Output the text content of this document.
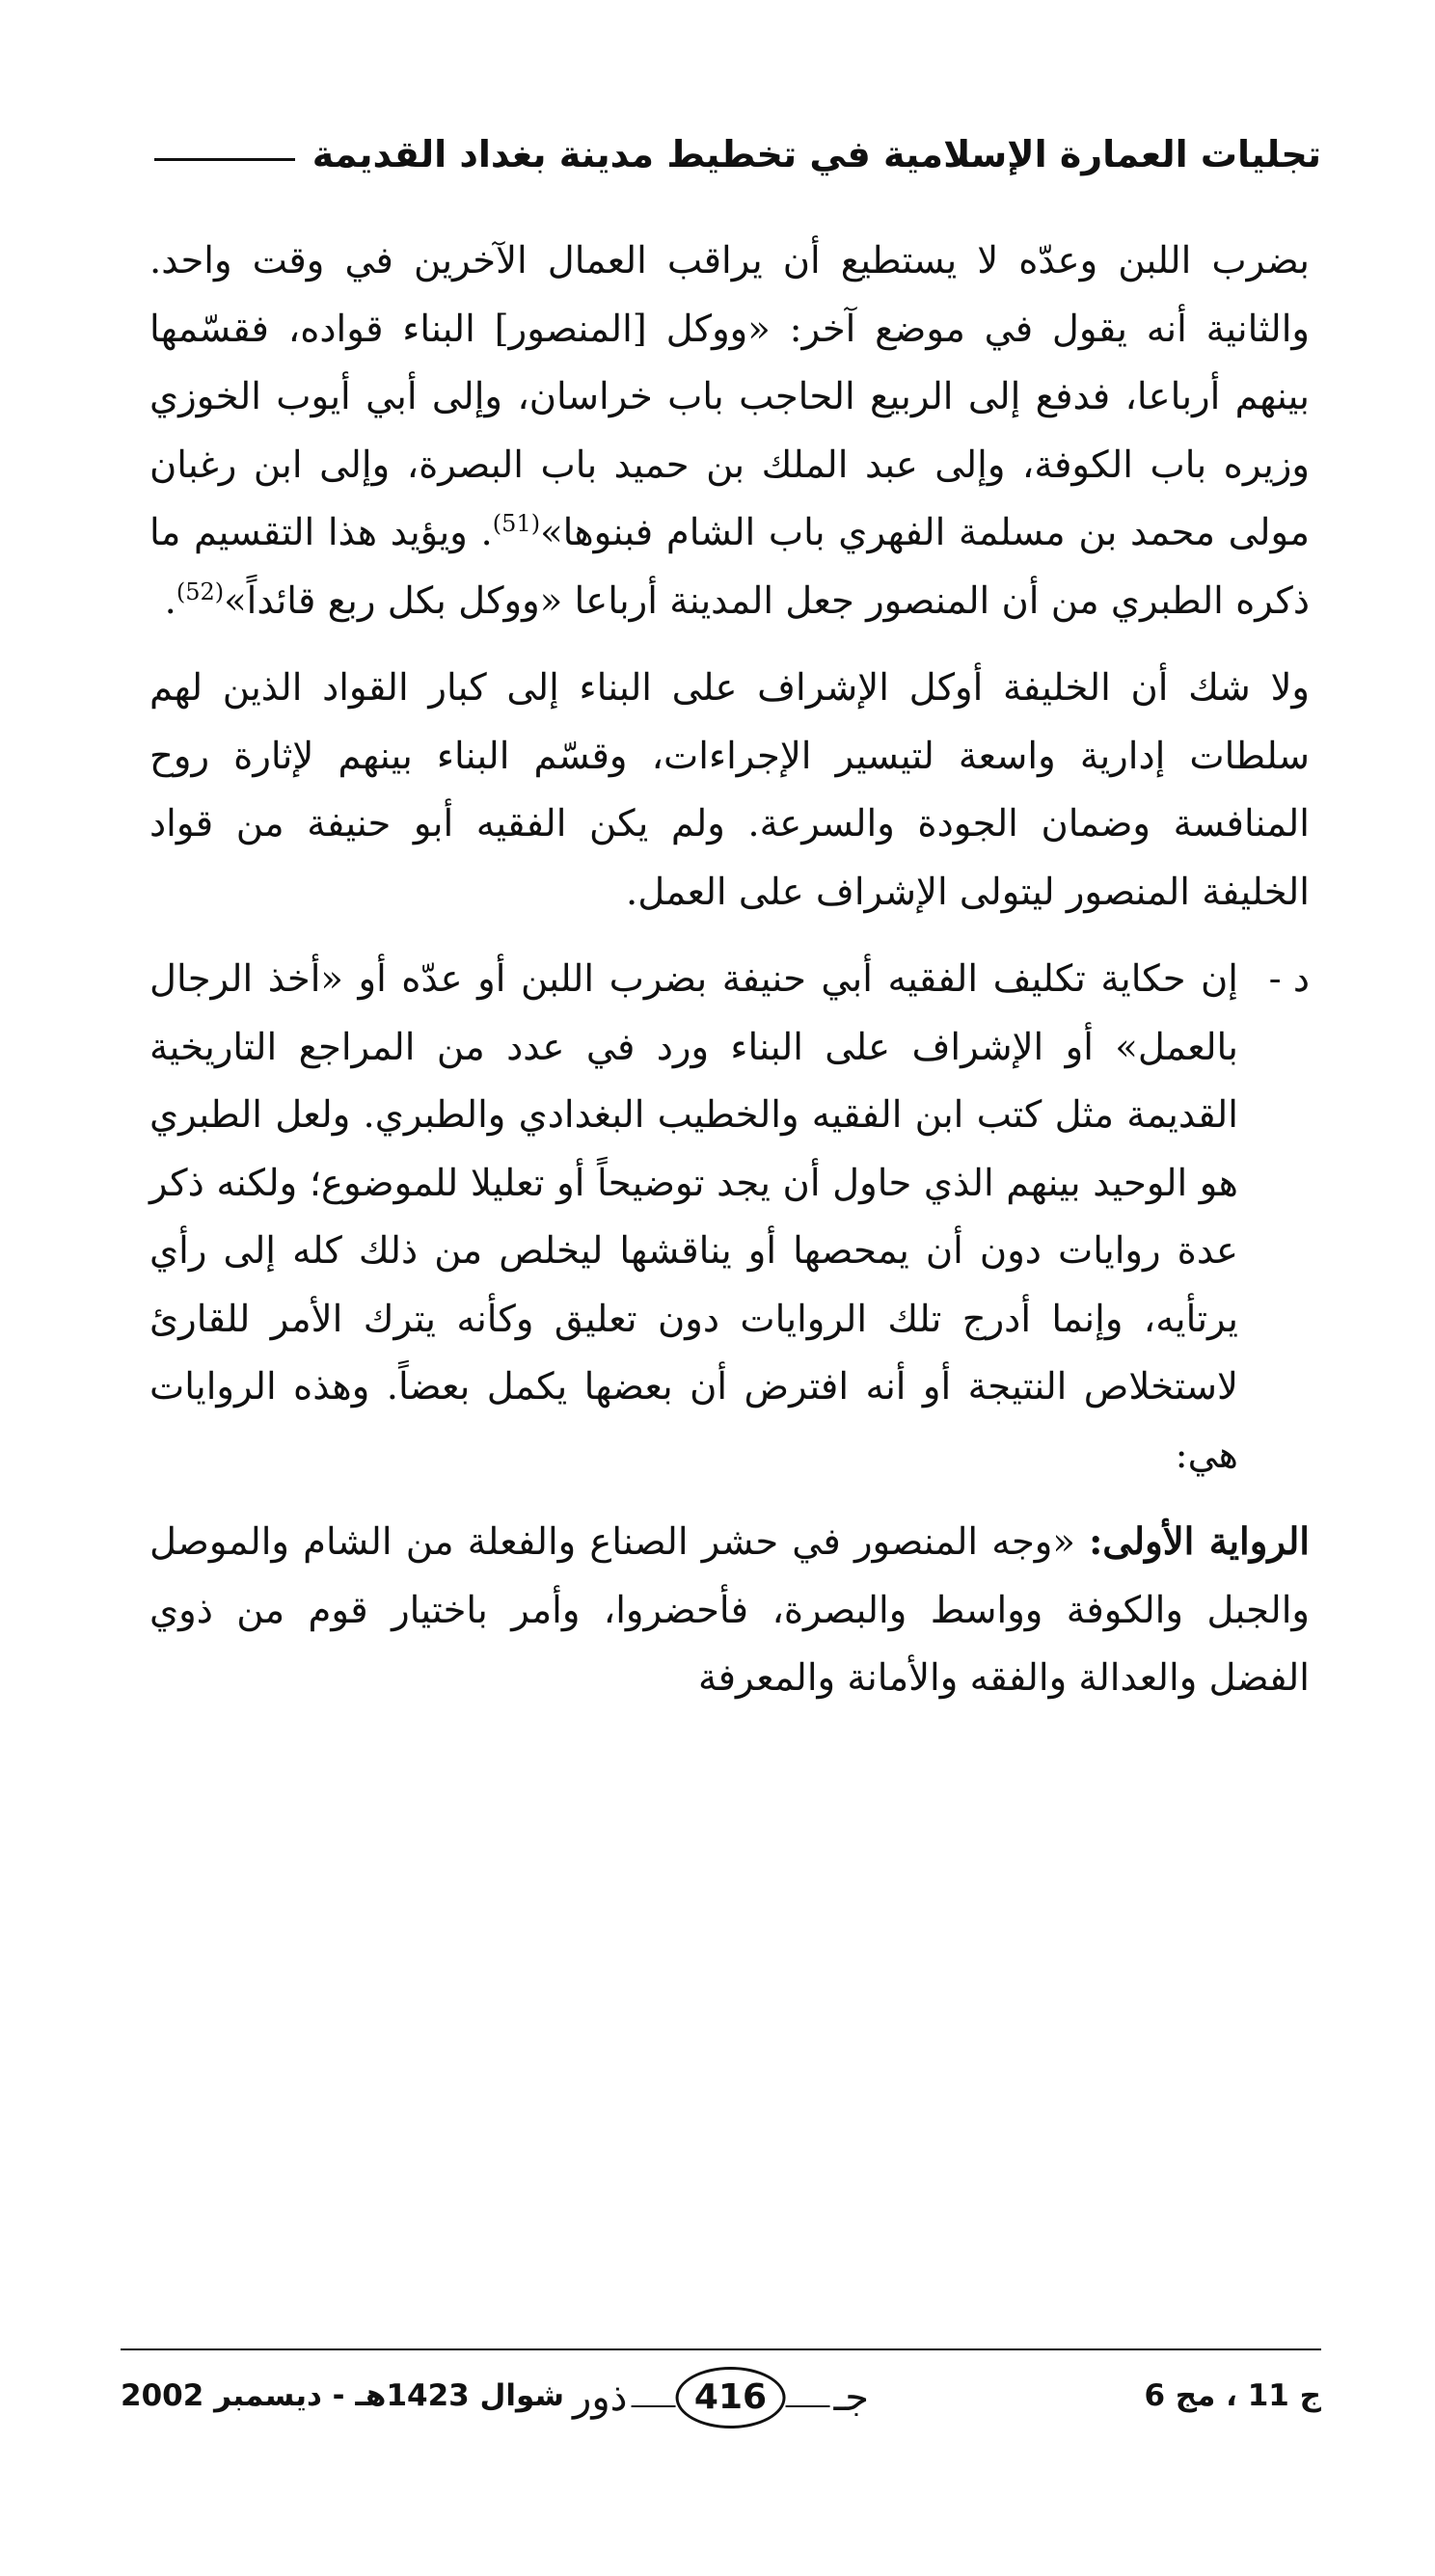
تجليات العمارة الإسلامية في تخطيط مدينة بغداد القديمة

بضرب اللبن وعدّه لا يستطيع أن يراقب العمال الآخرين في وقت واحد. والثانية أنه يقول في موضع آخر: «ووكل [المنصور] البناء قواده، فقسّمها بينهم أرباعا، فدفع إلى الربيع الحاجب باب خراسان، وإلى أبي أيوب الخوزي وزيره باب الكوفة، وإلى عبد الملك بن حميد باب البصرة، وإلى ابن رغبان مولى محمد بن مسلمة الفهري باب الشام فبنوها»$^{(51)}$. ويؤيد هذا التقسيم ما ذكره الطبري من أن المنصور جعل المدينة أرباعا «ووكل بكل ربع قائداً»$^{(52)}$.

ولا شك أن الخليفة أوكل الإشراف على البناء إلى كبار القواد الذين لهم سلطات إدارية واسعة لتيسير الإجراءات، وقسّم البناء بينهم لإثارة روح المنافسة وضمان الجودة والسرعة. ولم يكن الفقيه أبو حنيفة من قواد الخليفة المنصور ليتولى الإشراف على العمل.

د -
إن حكاية تكليف الفقيه أبي حنيفة بضرب اللبن أو عدّه أو «أخذ الرجال بالعمل» أو الإشراف على البناء ورد في عدد من المراجع التاريخية القديمة مثل كتب ابن الفقيه والخطيب البغدادي والطبري. ولعل الطبري هو الوحيد بينهم الذي حاول أن يجد توضيحاً أو تعليلا للموضوع؛ ولكنه ذكر عدة روايات دون أن يمحصها أو يناقشها ليخلص من ذلك كله إلى رأي يرتأيه، وإنما أدرج تلك الروايات دون تعليق وكأنه يترك الأمر للقارئ لاستخلاص النتيجة أو أنه افترض أن بعضها يكمل بعضاً. وهذه الروايات هي:

الرواية الأولى: «وجه المنصور في حشر الصناع والفعلة من الشام والموصل والجبل والكوفة وواسط والبصرة، فأحضروا، وأمر باختيار قوم من ذوي الفضل والعدالة والفقه والأمانة والمعرفة

ج 11 ، مج 6
جـ
416
ذور
شوال 1423هـ - ديسمبر 2002
